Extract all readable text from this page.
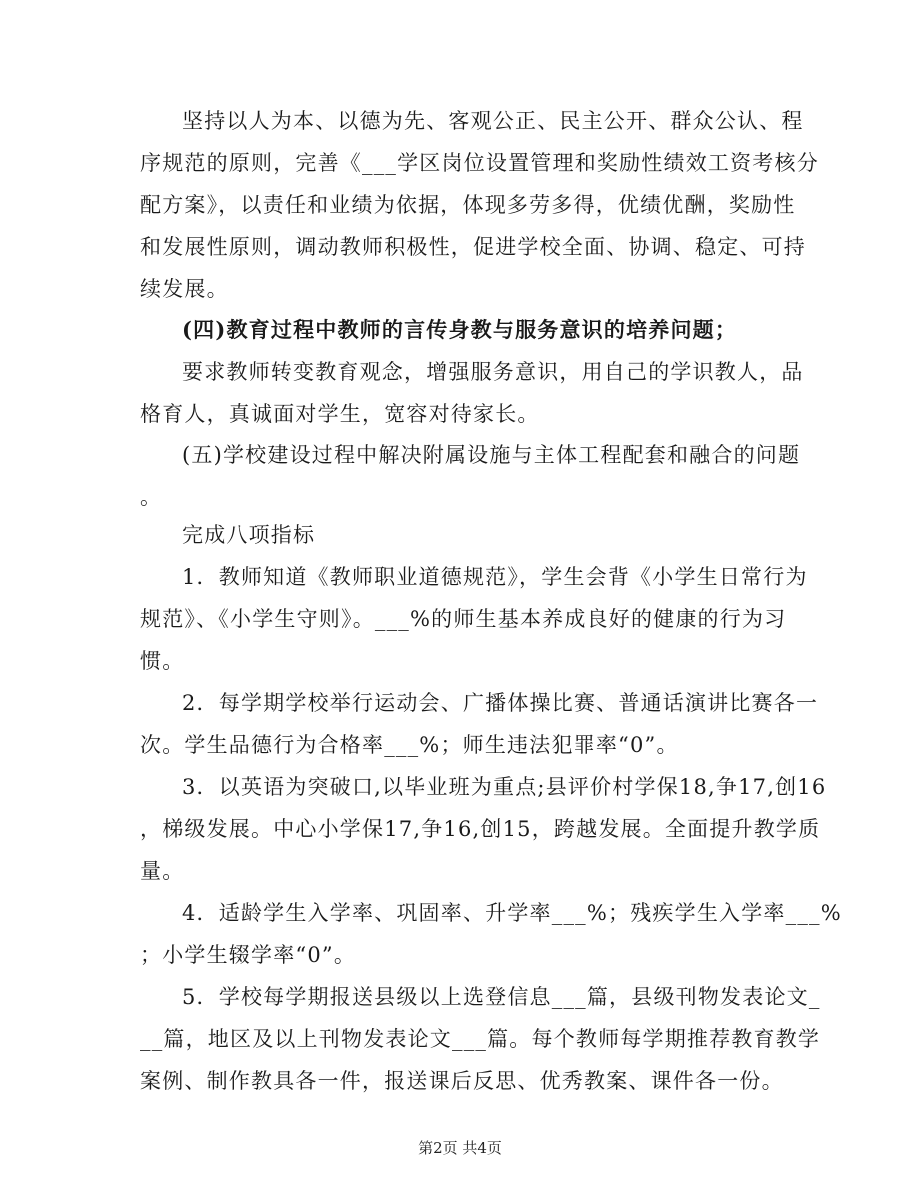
坚持以人为本、以德为先、客观公正、民主公开、群众公认、程
序规范的原则，完善《___学区岗位设置管理和奖励性绩效工资考核分
配方案》，以责任和业绩为依据，体现多劳多得，优绩优酬，奖励性
和发展性原则，调动教师积极性，促进学校全面、协调、稳定、可持
续发展。
(四)教育过程中教师的言传身教与服务意识的培养问题；
要求教师转变教育观念，增强服务意识，用自己的学识教人，品
格育人，真诚面对学生，宽容对待家长。
(五)学校建设过程中解决附属设施与主体工程配套和融合的问题
。
完成八项指标
1．教师知道《教师职业道德规范》，学生会背《小学生日常行为
规范》、《小学生守则》。___%的师生基本养成良好的健康的行为习
惯。
2．每学期学校举行运动会、广播体操比赛、普通话演讲比赛各一
次。学生品德行为合格率___%；师生违法犯罪率“0”。
3．以英语为突破口,以毕业班为重点;县评价村学保18,争17,创16
，梯级发展。中心小学保17,争16,创15，跨越发展。全面提升教学质
量。
4．适龄学生入学率、巩固率、升学率___%；残疾学生入学率___%
；小学生辍学率“0”。
5．学校每学期报送县级以上选登信息___篇，县级刊物发表论文_
__篇，地区及以上刊物发表论文___篇。每个教师每学期推荐教育教学
案例、制作教具各一件，报送课后反思、优秀教案、课件各一份。
第2页 共4页
